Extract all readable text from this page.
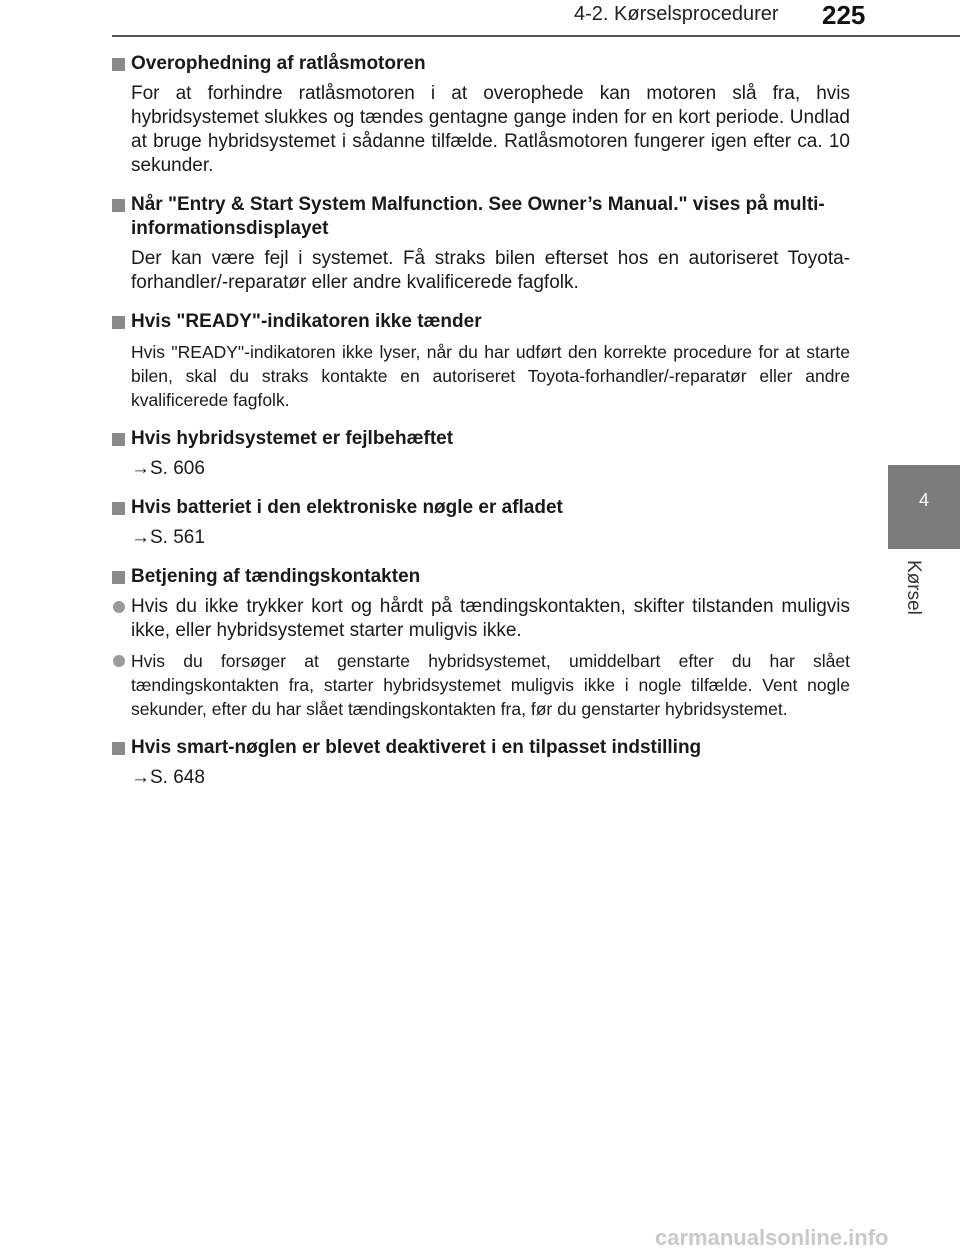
4-2. Kørselsprocedurer 225
4
Kørsel
Overophedning af ratlåsmotoren
For at forhindre ratlåsmotoren i at overophede kan motoren slå fra, hvis hybridsystemet slukkes og tændes gentagne gange inden for en kort periode. Undlad at bruge hybridsystemet i sådanne tilfælde. Ratlåsmotoren fungerer igen efter ca. 10 sekunder.
Når "Entry & Start System Malfunction. See Owner’s Manual." vises på multi-informationsdisplayet
Der kan være fejl i systemet. Få straks bilen efterset hos en autoriseret Toyota-forhandler/-reparatør eller andre kvalificerede fagfolk.
Hvis "READY"-indikatoren ikke tænder
Hvis "READY"-indikatoren ikke lyser, når du har udført den korrekte procedure for at starte bilen, skal du straks kontakte en autoriseret Toyota-forhandler/-reparatør eller andre kvalificerede fagfolk.
Hvis hybridsystemet er fejlbehæftet
→S. 606
Hvis batteriet i den elektroniske nøgle er afladet
→S. 561
Betjening af tændingskontakten
Hvis du ikke trykker kort og hårdt på tændingskontakten, skifter tilstanden muligvis ikke, eller hybridsystemet starter muligvis ikke.
Hvis du forsøger at genstarte hybridsystemet, umiddelbart efter du har slået tændingskontakten fra, starter hybridsystemet muligvis ikke i nogle tilfælde. Vent nogle sekunder, efter du har slået tændingskontakten fra, før du genstarter hybridsystemet.
Hvis smart-nøglen er blevet deaktiveret i en tilpasset indstilling
→S. 648
carmanualsonline.info
